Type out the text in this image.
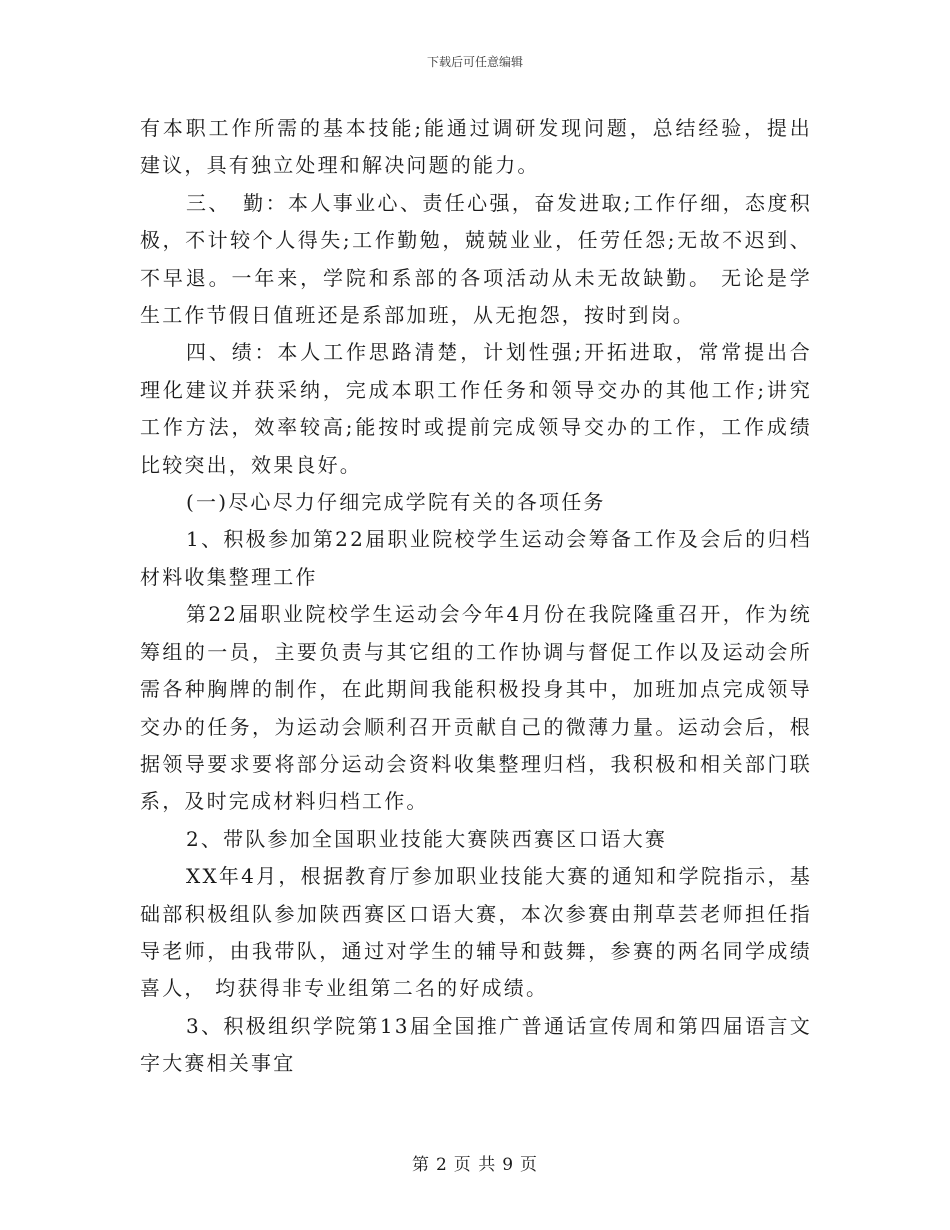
下载后可任意编辑

有本职工作所需的基本技能;能通过调研发现问题，总结经验，提出建议，具有独立处理和解决问题的能力。

三、　勤：本人事业心、责任心强，奋发进取;工作仔细，态度积极，不计较个人得失;工作勤勉，兢兢业业，任劳任怨;无故不迟到、不早退。一年来，学院和系部的各项活动从未无故缺勤。 无论是学生工作节假日值班还是系部加班，从无抱怨，按时到岗。

四、绩：本人工作思路清楚，计划性强;开拓进取，常常提出合理化建议并获采纳，完成本职工作任务和领导交办的其他工作;讲究工作方法，效率较高;能按时或提前完成领导交办的工作，工作成绩比较突出，效果良好。

(一)尽心尽力仔细完成学院有关的各项任务

1、积极参加第22届职业院校学生运动会筹备工作及会后的归档材料收集整理工作

第22届职业院校学生运动会今年4月份在我院隆重召开，作为统筹组的一员，主要负责与其它组的工作协调与督促工作以及运动会所需各种胸牌的制作，在此期间我能积极投身其中，加班加点完成领导交办的任务，为运动会顺利召开贡献自己的微薄力量。运动会后，根据领导要求要将部分运动会资料收集整理归档，我积极和相关部门联系，及时完成材料归档工作。

2、带队参加全国职业技能大赛陕西赛区口语大赛

XX年4月，根据教育厅参加职业技能大赛的通知和学院指示，基础部积极组队参加陕西赛区口语大赛，本次参赛由荆草芸老师担任指导老师，由我带队，通过对学生的辅导和鼓舞，参赛的两名同学成绩喜人， 均获得非专业组第二名的好成绩。

3、积极组织学院第13届全国推广普通话宣传周和第四届语言文字大赛相关事宜

第 2 页 共 9 页
